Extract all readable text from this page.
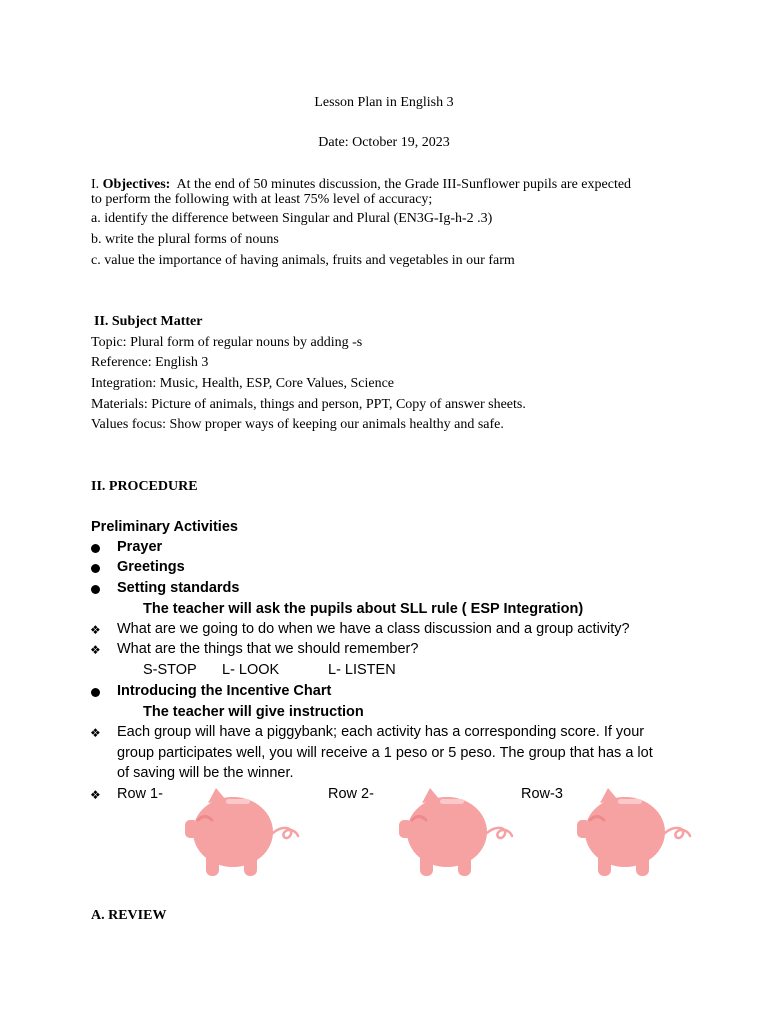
Lesson Plan in English 3
Date: October 19, 2023
I. Objectives:  At the end of 50 minutes discussion, the Grade III-Sunflower pupils are expected
to perform the following with at least 75% level of accuracy;
a. identify the difference between Singular and Plural (EN3G-Ig-h-2 .3)
b. write the plural forms of nouns
c. value the importance of having animals, fruits and vegetables in our farm
II. Subject Matter
Topic: Plural form of regular nouns by adding -s
Reference: English 3
Integration: Music, Health, ESP, Core Values, Science
Materials: Picture of animals, things and person, PPT, Copy of answer sheets.
Values focus: Show proper ways of keeping our animals healthy and safe.
II. PROCEDURE
Preliminary Activities
Prayer
Greetings
Setting standards
The teacher will ask the pupils about SLL rule ( ESP Integration)
❖ What are we going to do when we have a class discussion and a group activity?
❖ What are the things that we should remember?
S-STOP L- LOOK	L- LISTEN
Introducing the Incentive Chart
The teacher will give instruction
❖ Each group will have a piggybank; each activity has a corresponding score. If your
group participates well, you will receive a 1 peso or 5 peso. The group that has a lot
of saving will be the winner.
❖ Row 1-	Row 2-	Row-3
A. REVIEW
